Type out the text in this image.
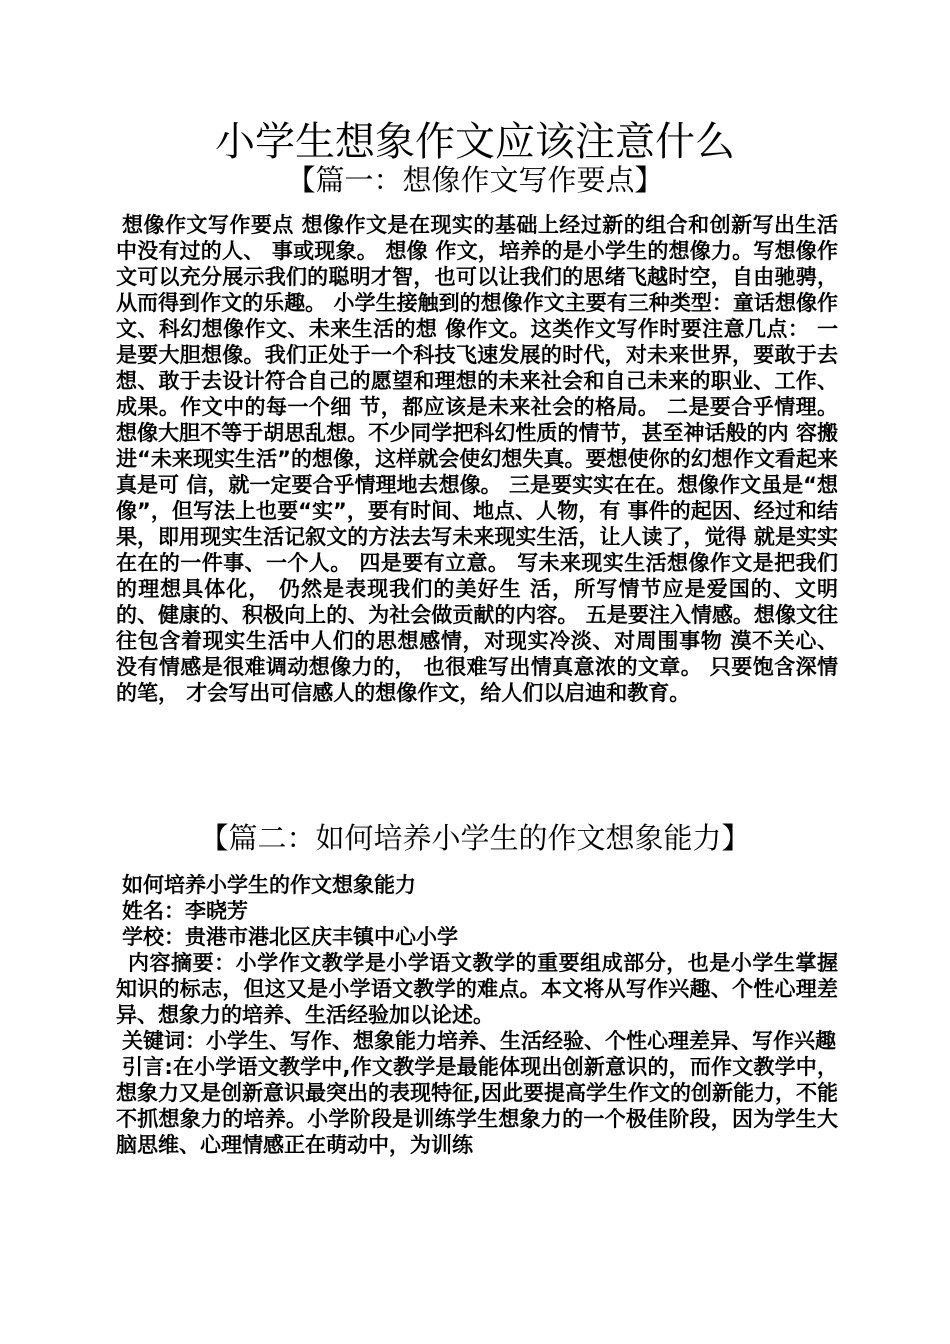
小学生想象作文应该注意什么
【篇一：想像作文写作要点】

想像作文写作要点 想像作文是在现实的基础上经过新的组合和创新写出生活中没有过的人、 事或现象。 想像 作文，培养的是小学生的想像力。写想像作文可以充分展示我们的聪明才智，也可以让我们的思绪飞越时空，自由驰骋，从而得到作文的乐趣。 小学生接触到的想像作文主要有三种类型：童话想像作文、科幻想像作文、未来生活的想 像作文。这类作文写作时要注意几点： 一是要大胆想像。我们正处于一个科技飞速发展的时代，对未来世界，要敢于去想、敢于去设计符合自己的愿望和理想的未来社会和自己未来的职业、工作、成果。作文中的每一个细 节，都应该是未来社会的格局。 二是要合乎情理。想像大胆不等于胡思乱想。不少同学把科幻性质的情节，甚至神话般的内 容搬进“未来现实生活”的想像，这样就会使幻想失真。要想使你的幻想作文看起来真是可 信，就一定要合乎情理地去想像。 三是要实实在在。想像作文虽是“想像”，但写法上也要“实”，要有时间、地点、人物，有 事件的起因、经过和结果，即用现实生活记叙文的方法去写未来现实生活，让人读了，觉得 就是实实在在的一件事、一个人。 四是要有立意。 写未来现实生活想像作文是把我们的理想具体化， 仍然是表现我们的美好生 活，所写情节应是爱国的、文明的、健康的、积极向上的、为社会做贡献的内容。 五是要注入情感。想像文往往包含着现实生活中人们的思想感情，对现实冷淡、对周围事物 漠不关心、 没有情感是很难调动想像力的， 也很难写出情真意浓的文章。 只要饱含深情的笔， 才会写出可信感人的想像作文，给人们以启迪和教育。

【篇二：如何培养小学生的作文想象能力】

如何培养小学生的作文想象能力

姓名：李晓芳

学校：贵港市港北区庆丰镇中心小学

内容摘要：小学作文教学是小学语文教学的重要组成部分，也是小学生掌握知识的标志，但这又是小学语文教学的难点。本文将从写作兴趣、个性心理差异、想象力的培养、生活经验加以论述。

关键词：小学生、写作、想象能力培养、生活经验、个性心理差异、写作兴趣

引言:在小学语文教学中,作文教学是最能体现出创新意识的，而作文教学中，想象力又是创新意识最突出的表现特征,因此要提高学生作文的创新能力，不能不抓想象力的培养。小学阶段是训练学生想象力的一个极佳阶段，因为学生大脑思维、心理情感正在萌动中，为训练
